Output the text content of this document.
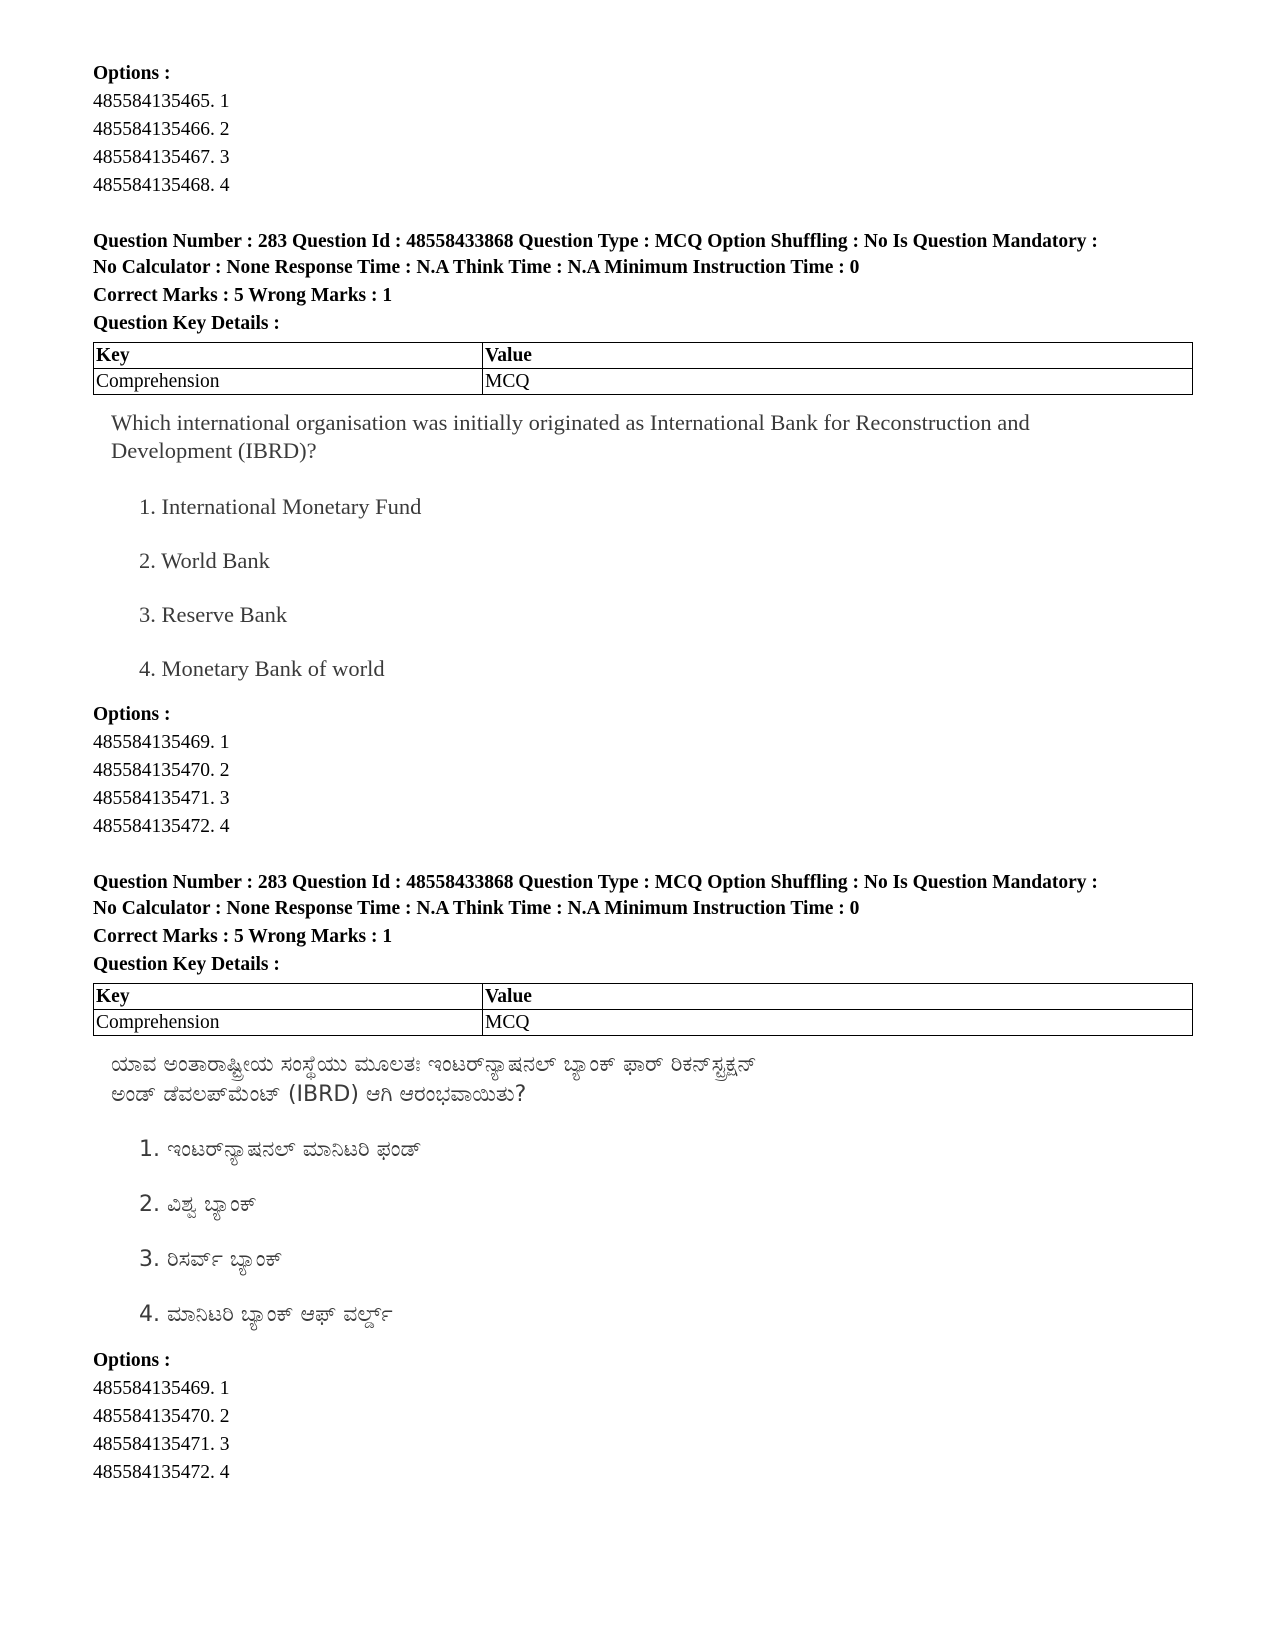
Options :
485584135465. 1
485584135466. 2
485584135467. 3
485584135468. 4
Question Number : 283 Question Id : 48558433868 Question Type : MCQ Option Shuffling : No Is Question Mandatory :
No Calculator : None Response Time : N.A Think Time : N.A Minimum Instruction Time : 0
Correct Marks : 5 Wrong Marks : 1
Question Key Details :
Key	Value
Comprehension	MCQ
Which international organisation was initially originated as International Bank for Reconstruction and
Development (IBRD)?
1. International Monetary Fund
2. World Bank
3. Reserve Bank
4. Monetary Bank of world
Options :
485584135469. 1
485584135470. 2
485584135471. 3
485584135472. 4
Question Number : 283 Question Id : 48558433868 Question Type : MCQ Option Shuffling : No Is Question Mandatory :
No Calculator : None Response Time : N.A Think Time : N.A Minimum Instruction Time : 0
Correct Marks : 5 Wrong Marks : 1
Question Key Details :
Key	Value
Comprehension	MCQ
ಯಾವ ಅಂತಾರಾಷ್ಟ್ರೀಯ ಸಂಸ್ಥೆಯು ಮೂಲತಃ ಇಂಟರ್‌ನ್ಯಾಷನಲ್ ಬ್ಯಾಂಕ್ ಫಾರ್ ರಿಕನ್‌ಸ್ಟ್ರಕ್ಷನ್
ಅಂಡ್ ಡೆವಲಪ್‌ಮೆಂಟ್ (IBRD) ಆಗಿ ಆರಂಭವಾಯಿತು?
1. ಇಂಟರ್‌ನ್ಯಾಷನಲ್ ಮಾನಿಟರಿ ಫಂಡ್
2. ವಿಶ್ವ ಬ್ಯಾಂಕ್
3. ರಿಸರ್ವ್ ಬ್ಯಾಂಕ್
4. ಮಾನಿಟರಿ ಬ್ಯಾಂಕ್ ಆಫ್ ವರ್ಲ್ಡ್
Options :
485584135469. 1
485584135470. 2
485584135471. 3
485584135472. 4
